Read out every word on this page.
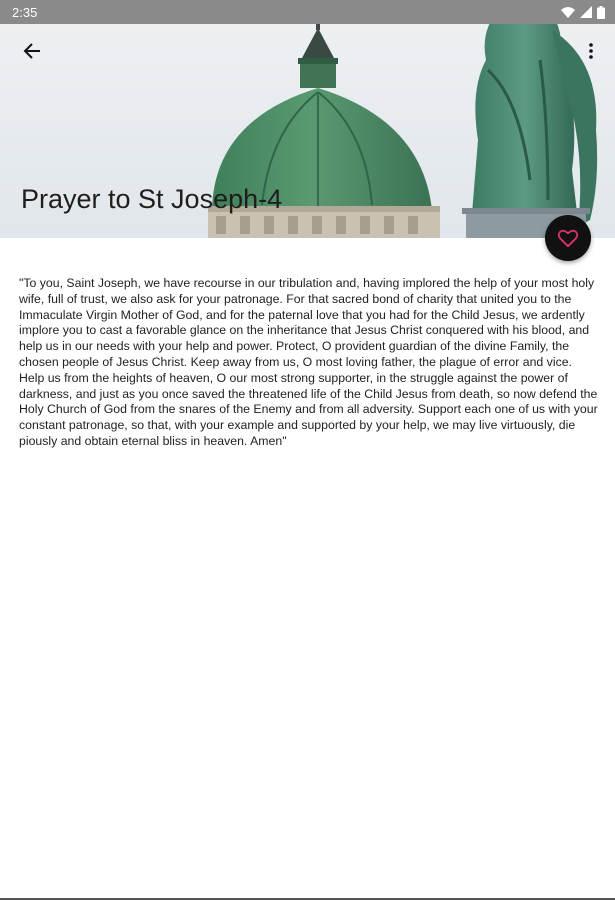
2:35
Prayer to St Joseph-4

"To you, Saint Joseph, we have recourse in our tribulation and, having implored the help of your most holy wife, full of trust, we also ask for your patronage. For that sacred bond of charity that united you to the Immaculate Virgin Mother of God, and for the paternal love that you had for the Child Jesus, we ardently implore you to cast a favorable glance on the inheritance that Jesus Christ conquered with his blood, and help us in our needs with your help and power. Protect, O provident guardian of the divine Family, the chosen people of Jesus Christ. Keep away from us, O most loving father, the plague of error and vice. Help us from the heights of heaven, O our most strong supporter, in the struggle against the power of darkness, and just as you once saved the threatened life of the Child Jesus from death, so now defend the Holy Church of God from the snares of the Enemy and from all adversity. Support each one of us with your constant patronage, so that, with your example and supported by your help, we may live virtuously, die piously and obtain eternal bliss in heaven. Amen"
